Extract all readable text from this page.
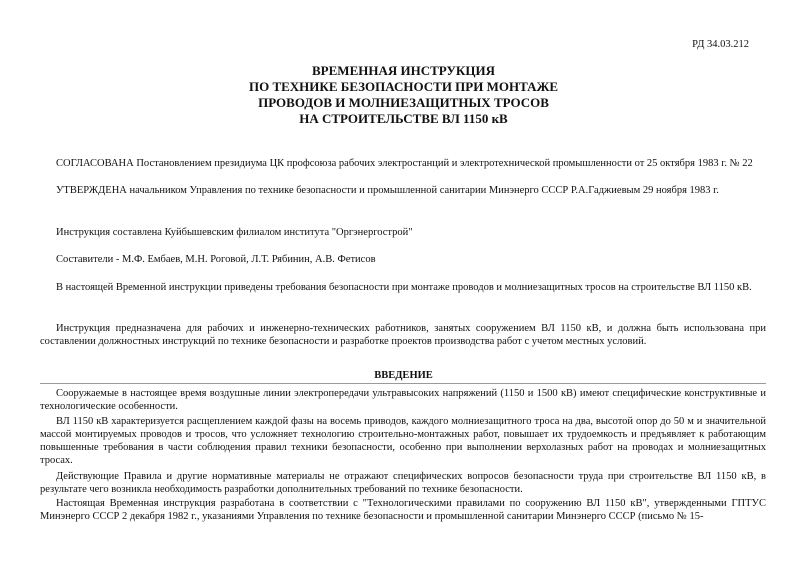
РД 34.03.212
ВРЕМЕННАЯ ИНСТРУКЦИЯ
ПО ТЕХНИКЕ БЕЗОПАСНОСТИ ПРИ МОНТАЖЕ
ПРОВОДОВ И МОЛНИЕЗАЩИТНЫХ ТРОСОВ
НА СТРОИТЕЛЬСТВЕ ВЛ 1150 кВ

СОГЛАСОВАНА Постановлением президиума ЦК профсоюза рабочих электростанций и электротехнической промышленности от 25 октября 1983 г. № 22

УТВЕРЖДЕНА начальником Управления по технике безопасности и промышленной санитарии Минэнерго СССР Р.А.Гаджиевым 29 ноября 1983 г.

Инструкция составлена Куйбышевским филиалом института "Оргэнергострой"

Составители - М.Ф. Ембаев, М.Н. Роговой, Л.Т. Рябинин, А.В. Фетисов

В настоящей Временной инструкции приведены требования безопасности при монтаже проводов и молниезащитных тросов на строительстве ВЛ 1150 кВ.

Инструкция предназначена для рабочих и инженерно-технических работников, занятых сооружением ВЛ 1150 кВ, и должна быть использована при составлении должностных инструкций по технике безопасности и разработке проектов производства работ с учетом местных условий.

ВВЕДЕНИЕ

Сооружаемые в настоящее время воздушные линии электропередачи ультравысоких напряжений (1150 и 1500 кВ) имеют специфические конструктивные и технологические особенности.

ВЛ 1150 кВ характеризуется расщеплением каждой фазы на восемь приводов, каждого молниезащитного троса на два, высотой опор до 50 м и значительной массой монтируемых проводов и тросов, что усложняет технологию строительно-монтажных работ, повышает их трудоемкость и предъявляет к работающим повышенные требования в части соблюдения правил техники безопасности, особенно при выполнении верхолазных работ на проводах и молниезащитных тросах.

Действующие Правила и другие нормативные материалы не отражают специфических вопросов безопасности труда при строительстве ВЛ 1150 кВ, в результате чего возникла необходимость разработки дополнительных требований по технике безопасности.

Настоящая Временная инструкция разработана в соответствии с "Технологическими правилами по сооружению ВЛ 1150 кВ", утвержденными ГПТУС Минэнерго СССР 2 декабря 1982 г., указаниями Управления по технике безопасности и промышленной санитарии Минэнерго СССР (письмо № 15-
